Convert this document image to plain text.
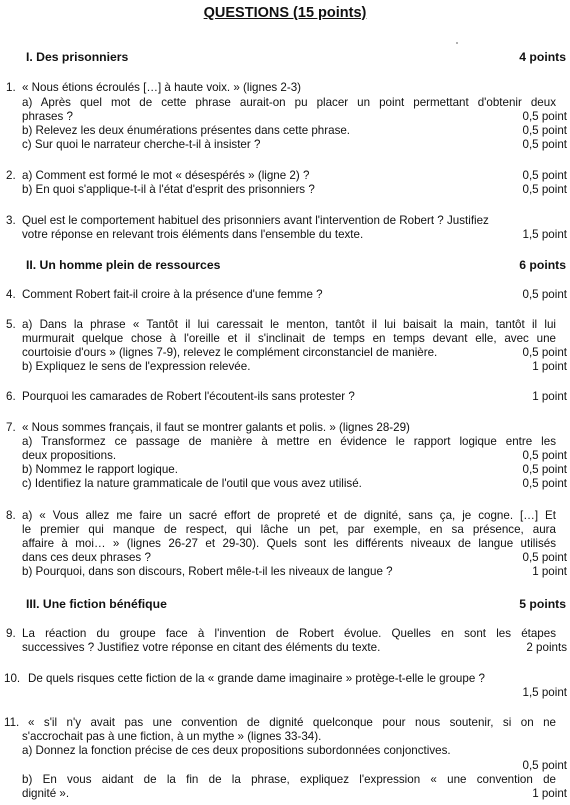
QUESTIONS (15 points)
I. Des prisonniers	4 points
1. « Nous étions écroulés […] à haute voix. » (lignes 2-3)
a) Après quel mot de cette phrase aurait-on pu placer un point permettant d'obtenir deux
phrases ?	0,5 point
b) Relevez les deux énumérations présentes dans cette phrase.	0,5 point
c) Sur quoi le narrateur cherche-t-il à insister ?	0,5 point
2. a) Comment est formé le mot « désespérés » (ligne 2) ?	0,5 point
b) En quoi s'applique-t-il à l'état d'esprit des prisonniers ?	0,5 point
3. Quel est le comportement habituel des prisonniers avant l'intervention de Robert ? Justifiez
votre réponse en relevant trois éléments dans l'ensemble du texte.	1,5 point
II. Un homme plein de ressources	6 points
4. Comment Robert fait-il croire à la présence d'une femme ?	0,5 point
5. a) Dans la phrase « Tantôt il lui caressait le menton, tantôt il lui baisait la main, tantôt il lui
murmurait quelque chose à l'oreille et il s'inclinait de temps en temps devant elle, avec une
courtoisie d'ours » (lignes 7-9), relevez le complément circonstanciel de manière.	0,5 point
b) Expliquez le sens de l'expression relevée.	1 point
6. Pourquoi les camarades de Robert l'écoutent-ils sans protester ?	1 point
7. « Nous sommes français, il faut se montrer galants et polis. » (lignes 28-29)
a) Transformez ce passage de manière à mettre en évidence le rapport logique entre les
deux propositions.	0,5 point
b) Nommez le rapport logique.	0,5 point
c) Identifiez la nature grammaticale de l'outil que vous avez utilisé.	0,5 point
8. a) « Vous allez me faire un sacré effort de propreté et de dignité, sans ça, je cogne. […] Et
le premier qui manque de respect, qui lâche un pet, par exemple, en sa présence, aura
affaire à moi… » (lignes 26-27 et 29-30). Quels sont les différents niveaux de langue utilisés
dans ces deux phrases ?	0,5 point
b) Pourquoi, dans son discours, Robert mêle-t-il les niveaux de langue ?	1 point
III. Une fiction bénéfique	5 points
9. La réaction du groupe face à l'invention de Robert évolue. Quelles en sont les étapes
successives ? Justifiez votre réponse en citant des éléments du texte.	2 points
10. De quels risques cette fiction de la « grande dame imaginaire » protège-t-elle le groupe ?
1,5 point
11. « s'il n'y avait pas une convention de dignité quelconque pour nous soutenir, si on ne
s'accrochait pas à une fiction, à un mythe » (lignes 33-34).
a) Donnez la fonction précise de ces deux propositions subordonnées conjonctives.
0,5 point
b) En vous aidant de la fin de la phrase, expliquez l'expression « une convention de
dignité ».	1 point
